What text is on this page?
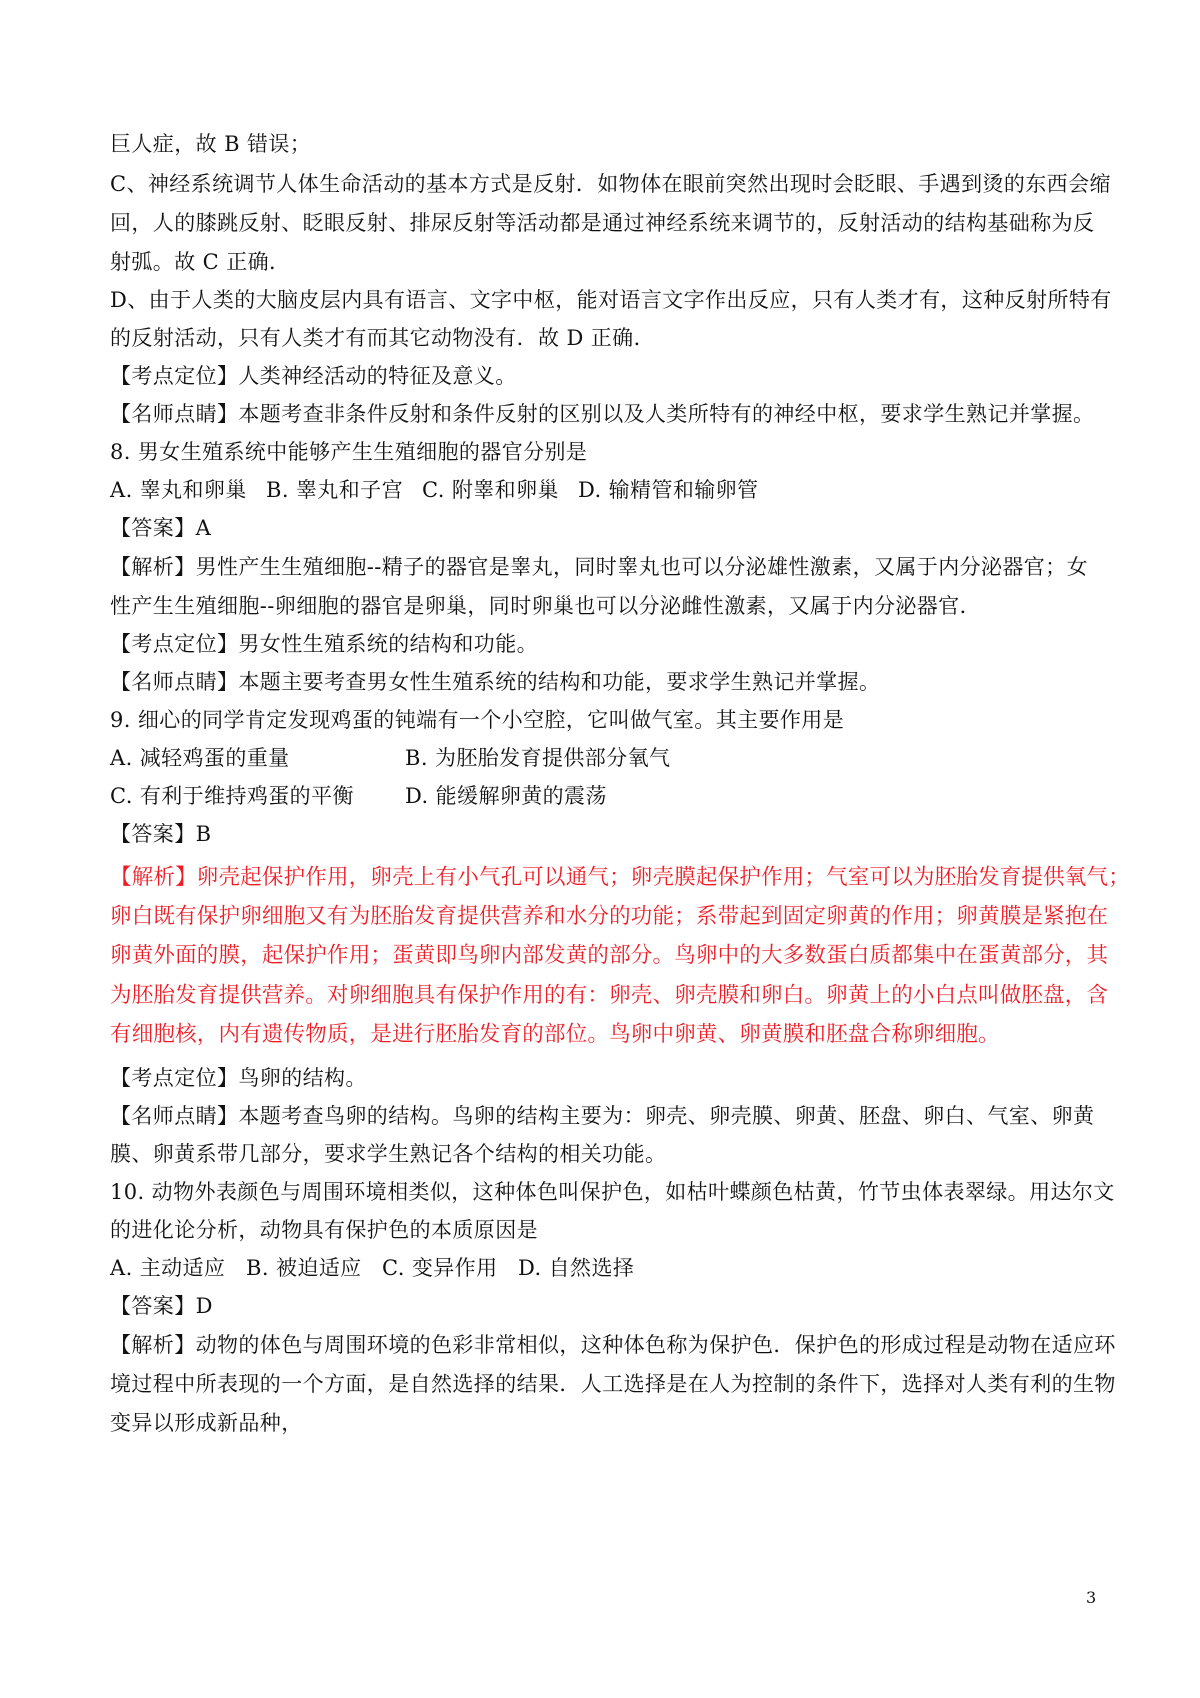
巨人症，故 B 错误；
C、神经系统调节人体生命活动的基本方式是反射．如物体在眼前突然出现时会眨眼、手遇到烫的东西会缩
回，人的膝跳反射、眨眼反射、排尿反射等活动都是通过神经系统来调节的，反射活动的结构基础称为反
射弧。故 C 正确．
D、由于人类的大脑皮层内具有语言、文字中枢，能对语言文字作出反应，只有人类才有，这种反射所特有
的反射活动，只有人类才有而其它动物没有．故 D 正确．
【考点定位】人类神经活动的特征及意义。
【名师点睛】本题考查非条件反射和条件反射的区别以及人类所特有的神经中枢，要求学生熟记并掌握。
8. 男女生殖系统中能够产生生殖细胞的器官分别是
A. 睾丸和卵巢 B. 睾丸和子宫 C. 附睾和卵巢 D. 输精管和输卵管
【答案】A
【解析】男性产生生殖细胞--精子的器官是睾丸，同时睾丸也可以分泌雄性激素，又属于内分泌器官；女
性产生生殖细胞--卵细胞的器官是卵巢，同时卵巢也可以分泌雌性激素，又属于内分泌器官．
【考点定位】男女性生殖系统的结构和功能。
【名师点睛】本题主要考查男女性生殖系统的结构和功能，要求学生熟记并掌握。
9. 细心的同学肯定发现鸡蛋的钝端有一个小空腔，它叫做气室。其主要作用是
A. 减轻鸡蛋的重量	B. 为胚胎发育提供部分氧气
C. 有利于维持鸡蛋的平衡 D. 能缓解卵黄的震荡
【答案】B
【解析】卵壳起保护作用，卵壳上有小气孔可以通气；卵壳膜起保护作用；气室可以为胚胎发育提供氧气；
卵白既有保护卵细胞又有为胚胎发育提供营养和水分的功能；系带起到固定卵黄的作用；卵黄膜是紧抱在
卵黄外面的膜，起保护作用；蛋黄即鸟卵内部发黄的部分。鸟卵中的大多数蛋白质都集中在蛋黄部分，其
为胚胎发育提供营养。对卵细胞具有保护作用的有：卵壳、卵壳膜和卵白。卵黄上的小白点叫做胚盘，含
有细胞核，内有遗传物质，是进行胚胎发育的部位。鸟卵中卵黄、卵黄膜和胚盘合称卵细胞。
【考点定位】鸟卵的结构。
【名师点睛】本题考查鸟卵的结构。鸟卵的结构主要为：卵壳、卵壳膜、卵黄、胚盘、卵白、气室、卵黄
膜、卵黄系带几部分，要求学生熟记各个结构的相关功能。
10. 动物外表颜色与周围环境相类似，这种体色叫保护色，如枯叶蝶颜色枯黄，竹节虫体表翠绿。用达尔文
的进化论分析，动物具有保护色的本质原因是
A. 主动适应 B. 被迫适应 C. 变异作用 D. 自然选择
【答案】D
【解析】动物的体色与周围环境的色彩非常相似，这种体色称为保护色．保护色的形成过程是动物在适应环
境过程中所表现的一个方面，是自然选择的结果．人工选择是在人为控制的条件下，选择对人类有利的生物
变异以形成新品种，
3
